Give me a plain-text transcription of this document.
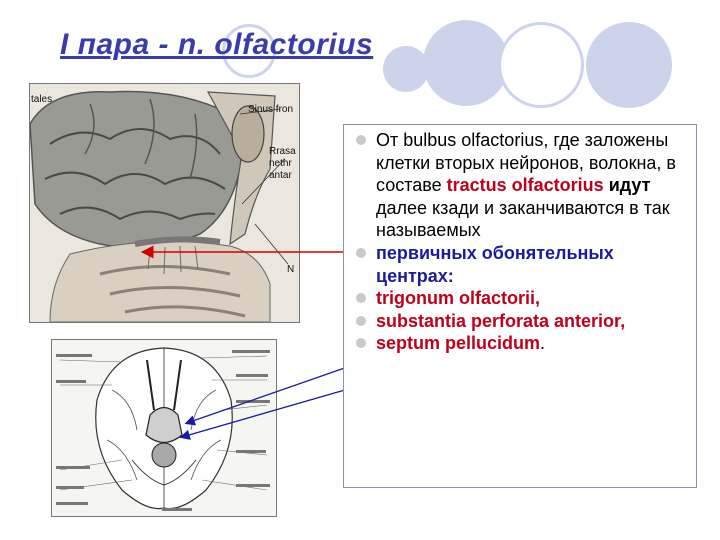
I пара - n. olfactorius
tales
Sinus fron
Rrasa
nethr
antar
N
От bulbus olfactorius, где заложены клетки вторых нейронов, волокна, в составе tractus olfactorius идут далее кзади и заканчиваются в так называемых
первичных обонятельных центрах:
trigonum olfactorii,
substantia perforata anterior,
septum pellucidum.
